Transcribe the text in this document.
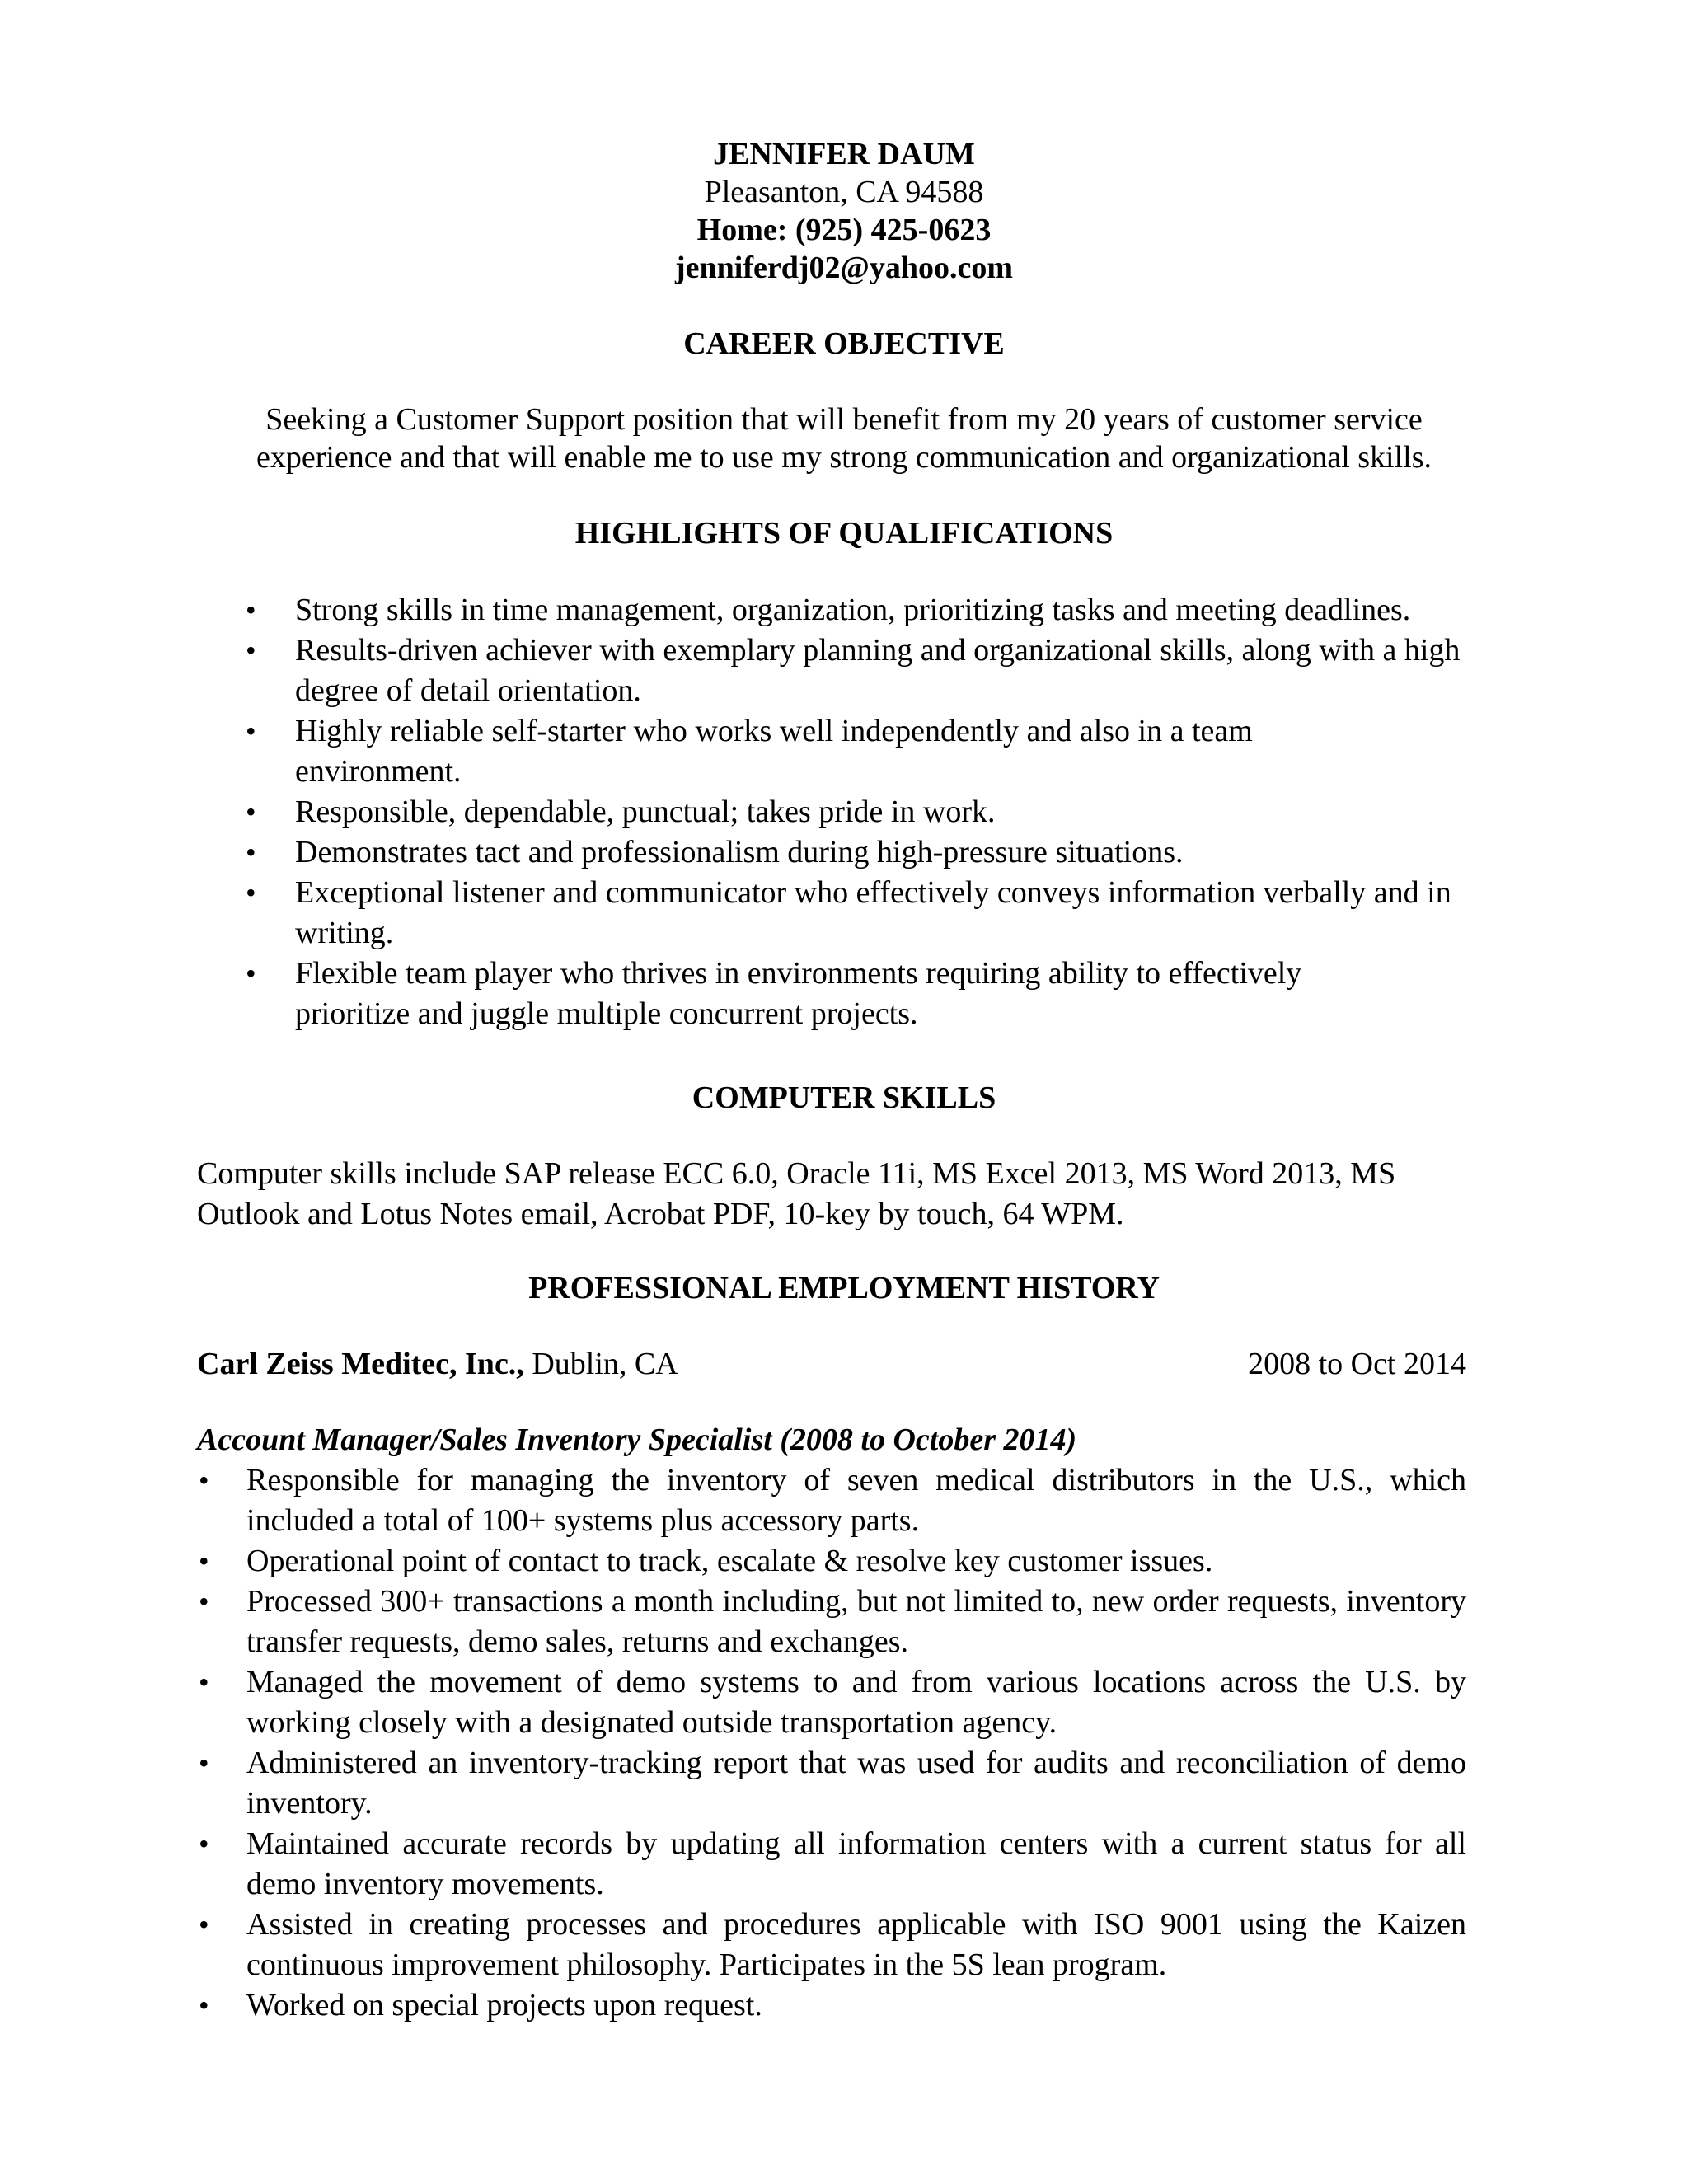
JENNIFER DAUM
Pleasanton, CA 94588
Home: (925) 425-0623
jenniferdj02@yahoo.com
CAREER OBJECTIVE
Seeking a Customer Support position that will benefit from my 20 years of customer service
experience and that will enable me to use my strong communication and organizational skills.
HIGHLIGHTS OF QUALIFICATIONS
• Strong skills in time management, organization, prioritizing tasks and meeting deadlines.
• Results-driven achiever with exemplary planning and organizational skills, along with a high degree of detail orientation.
• Highly reliable self-starter who works well independently and also in a team environment.
• Responsible, dependable, punctual; takes pride in work.
• Demonstrates tact and professionalism during high-pressure situations.
• Exceptional listener and communicator who effectively conveys information verbally and in writing.
• Flexible team player who thrives in environments requiring ability to effectively prioritize and juggle multiple concurrent projects.
COMPUTER SKILLS
Computer skills include SAP release ECC 6.0, Oracle 11i, MS Excel 2013, MS Word 2013, MS Outlook and Lotus Notes email, Acrobat PDF, 10-key by touch, 64 WPM.
PROFESSIONAL EMPLOYMENT HISTORY
Carl Zeiss Meditec, Inc., Dublin, CA	2008 to Oct 2014
Account Manager/Sales Inventory Specialist (2008 to October 2014)
• Responsible for managing the inventory of seven medical distributors in the U.S., which included a total of 100+ systems plus accessory parts.
• Operational point of contact to track, escalate & resolve key customer issues.
• Processed 300+ transactions a month including, but not limited to, new order requests, inventory transfer requests, demo sales, returns and exchanges.
• Managed the movement of demo systems to and from various locations across the U.S. by working closely with a designated outside transportation agency.
• Administered an inventory-tracking report that was used for audits and reconciliation of demo inventory.
• Maintained accurate records by updating all information centers with a current status for all demo inventory movements.
• Assisted in creating processes and procedures applicable with ISO 9001 using the Kaizen continuous improvement philosophy. Participates in the 5S lean program.
• Worked on special projects upon request.
